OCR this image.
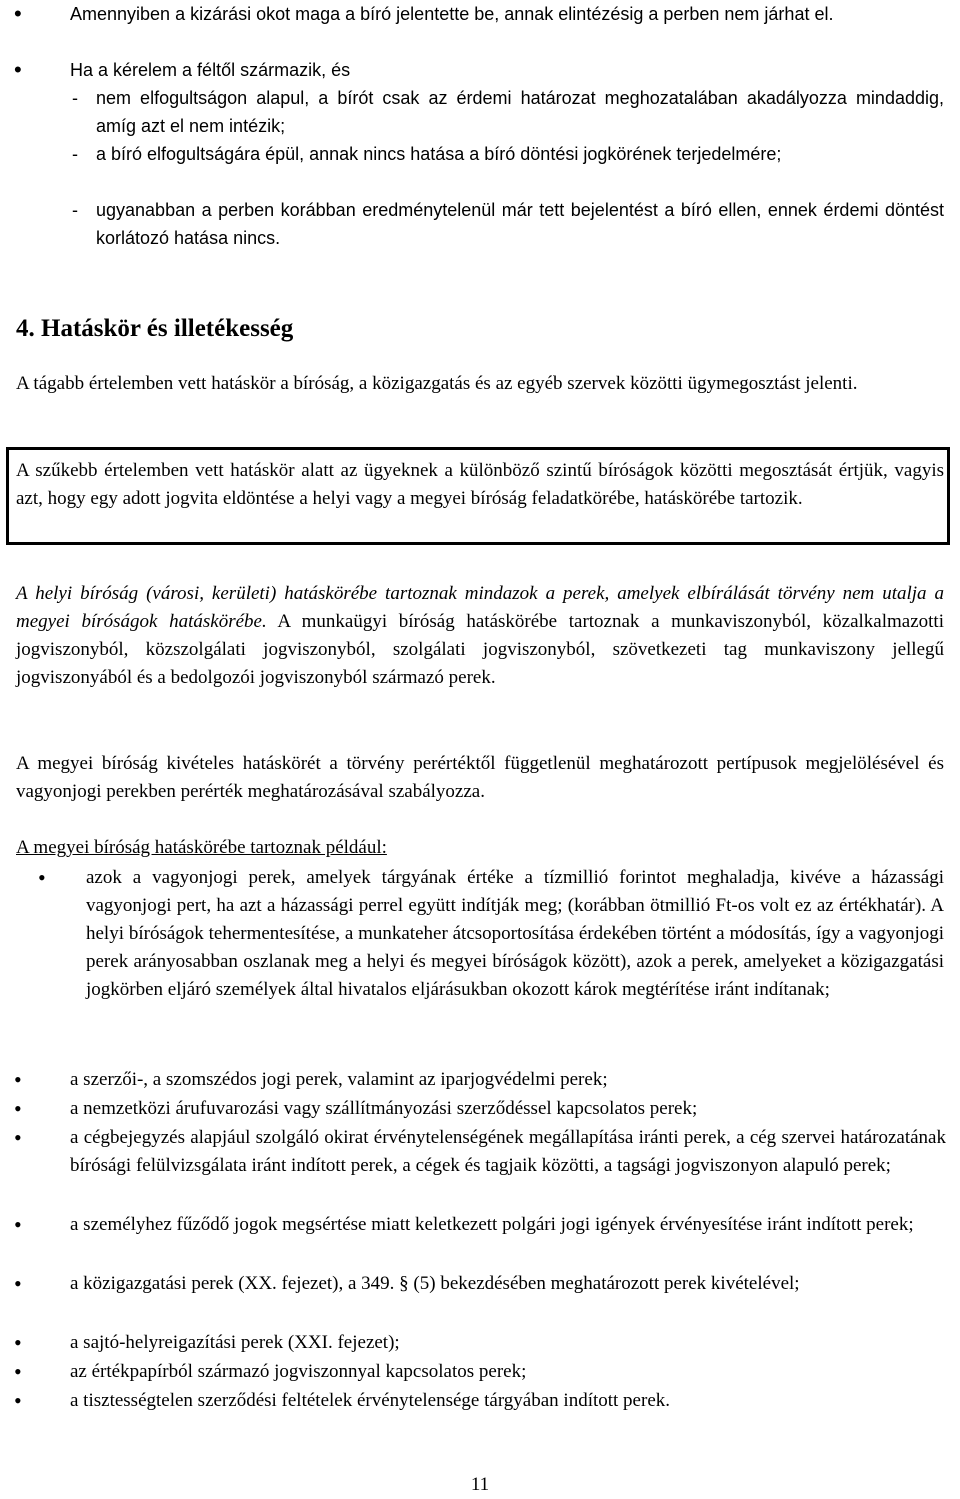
•	Amennyiben a kizárási okot maga a bíró jelentette be, annak elintézésig a perben nem járhat el.
•	Ha a kérelem a féltől származik, és
- nem elfogultságon alapul, a bírót csak az érdemi határozat meghozatalában akadályozza mindaddig, amíg azt el nem intézik;
- a bíró elfogultságára épül, annak nincs hatása a bíró döntési jogkörének terjedelmére;
- ugyanabban a perben korábban eredménytelenül már tett bejelentést a bíró ellen, ennek érdemi döntést korlátozó hatása nincs.
4. Hatáskör és illetékesség

A tágabb értelemben vett hatáskör a bíróság, a közigazgatás és az egyéb szervek közötti ügymegosztást jelenti.

A szűkebb értelemben vett hatáskör alatt az ügyeknek a különböző szintű bíróságok közötti megosztását értjük, vagyis azt, hogy egy adott jogvita eldöntése a helyi vagy a megyei bíróság feladatkörébe, hatáskörébe tartozik.

A helyi bíróság (városi, kerületi) hatáskörébe tartoznak mindazok a perek, amelyek elbírálását törvény nem utalja a megyei bíróságok hatáskörébe. A munkaügyi bíróság hatáskörébe tartoznak a munkaviszonyból, közalkalmazotti jogviszonyból, közszolgálati jogviszonyból, szolgálati jogviszonyból, szövetkezeti tag munkaviszony jellegű jogviszonyából és a bedolgozói jogviszonyból származó perek.

A megyei bíróság kivételes hatáskörét a törvény perértéktől függetlenül meghatározott pertípusok megjelölésével és vagyonjogi perekben perérték meghatározásával szabályozza.

A megyei bíróság hatáskörébe tartoznak például:

• azok a vagyonjogi perek, amelyek tárgyának értéke a tízmillió forintot meghaladja, kivéve a házassági vagyonjogi pert, ha azt a házassági perrel együtt indítják meg; (korábban ötmillió Ft-os volt ez az értékhatár). A helyi bíróságok tehermentesítése, a munkateher átcsoportosítása érdekében történt a módosítás, így a vagyonjogi perek arányosabban oszlanak meg a helyi és megyei bíróságok között), azok a perek, amelyeket a közigazgatási jogkörben eljáró személyek által hivatalos eljárásukban okozott károk megtérítése iránt indítanak;
•	a szerzői-, a szomszédos jogi perek, valamint az iparjogvédelmi perek;
•	a nemzetközi árufuvarozási vagy szállítmányozási szerződéssel kapcsolatos perek;
•	a cégbejegyzés alapjául szolgáló okirat érvénytelenségének megállapítása iránti perek, a cég szervei határozatának bírósági felülvizsgálata iránt indított perek, a cégek és tagjaik közötti, a tagsági jogviszonyon alapuló perek;
•	a személyhez fűződő jogok megsértése miatt keletkezett polgári jogi igények érvényesítése iránt indított perek;
•	a közigazgatási perek (XX. fejezet), a 349. § (5) bekezdésében meghatározott perek kivételével;
•	a sajtó-helyreigazítási perek (XXI. fejezet);
•	az értékpapírból származó jogviszonnyal kapcsolatos perek;
•	a tisztességtelen szerződési feltételek érvénytelensége tárgyában indított perek.
11
